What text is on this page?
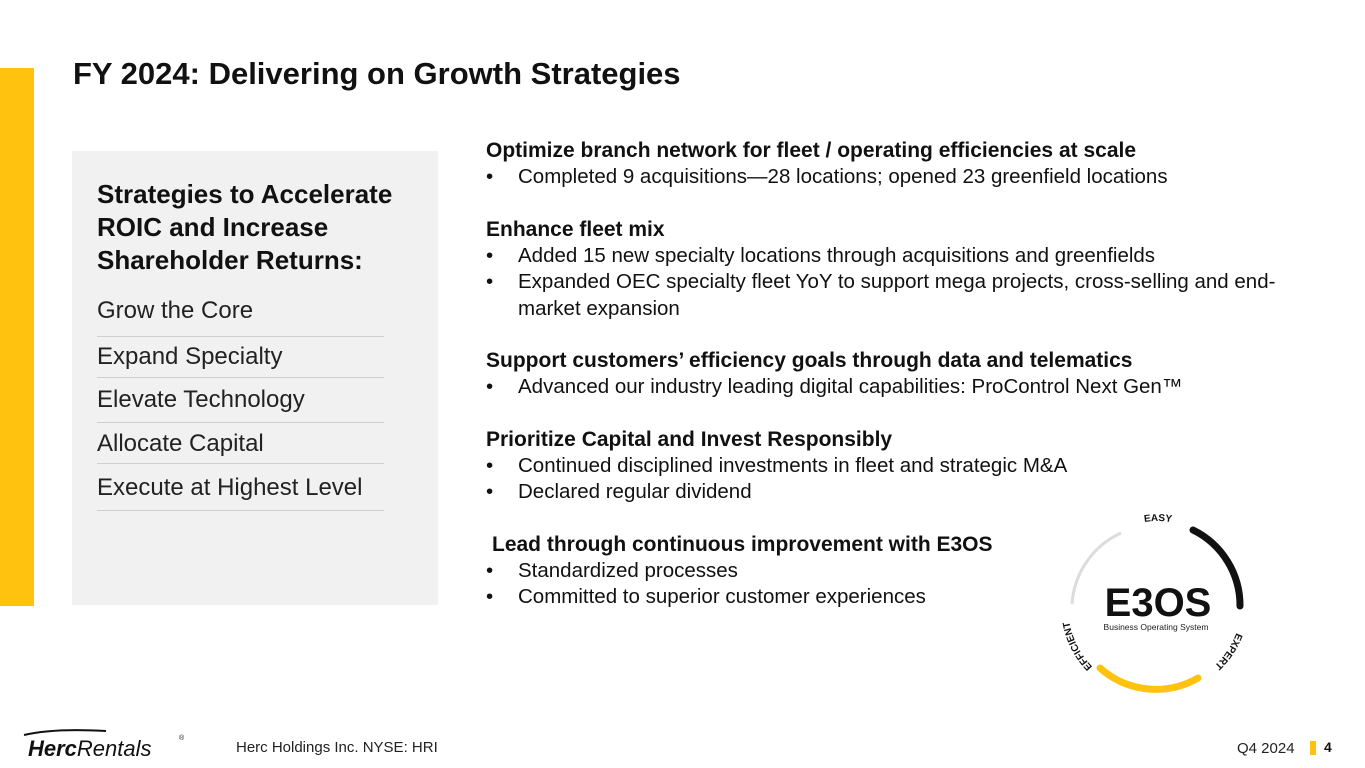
FY 2024: Delivering on Growth Strategies
Strategies to Accelerate ROIC and Increase Shareholder Returns:
Grow the Core
Expand Specialty
Elevate Technology
Allocate Capital
Execute at Highest Level
Optimize branch network for fleet / operating efficiencies at scale
• Completed 9 acquisitions—28 locations; opened 23 greenfield locations
Enhance fleet mix
• Added 15 new specialty locations through acquisitions and greenfields
• Expanded OEC specialty fleet YoY to support mega projects, cross-selling and end-market expansion
Support customers’ efficiency goals through data and telematics
• Advanced our industry leading digital capabilities: ProControl Next Gen™
Prioritize Capital and Invest Responsibly
• Continued disciplined investments in fleet and strategic M&A
• Declared regular dividend
Lead through continuous improvement with E3OS
• Standardized processes
• Committed to superior customer experiences
EASY
EXPERT
EFFICIENT E3OS
Business Operating System
HercRentals	®
Herc Holdings Inc. NYSE: HRI	Q4 2024 4
